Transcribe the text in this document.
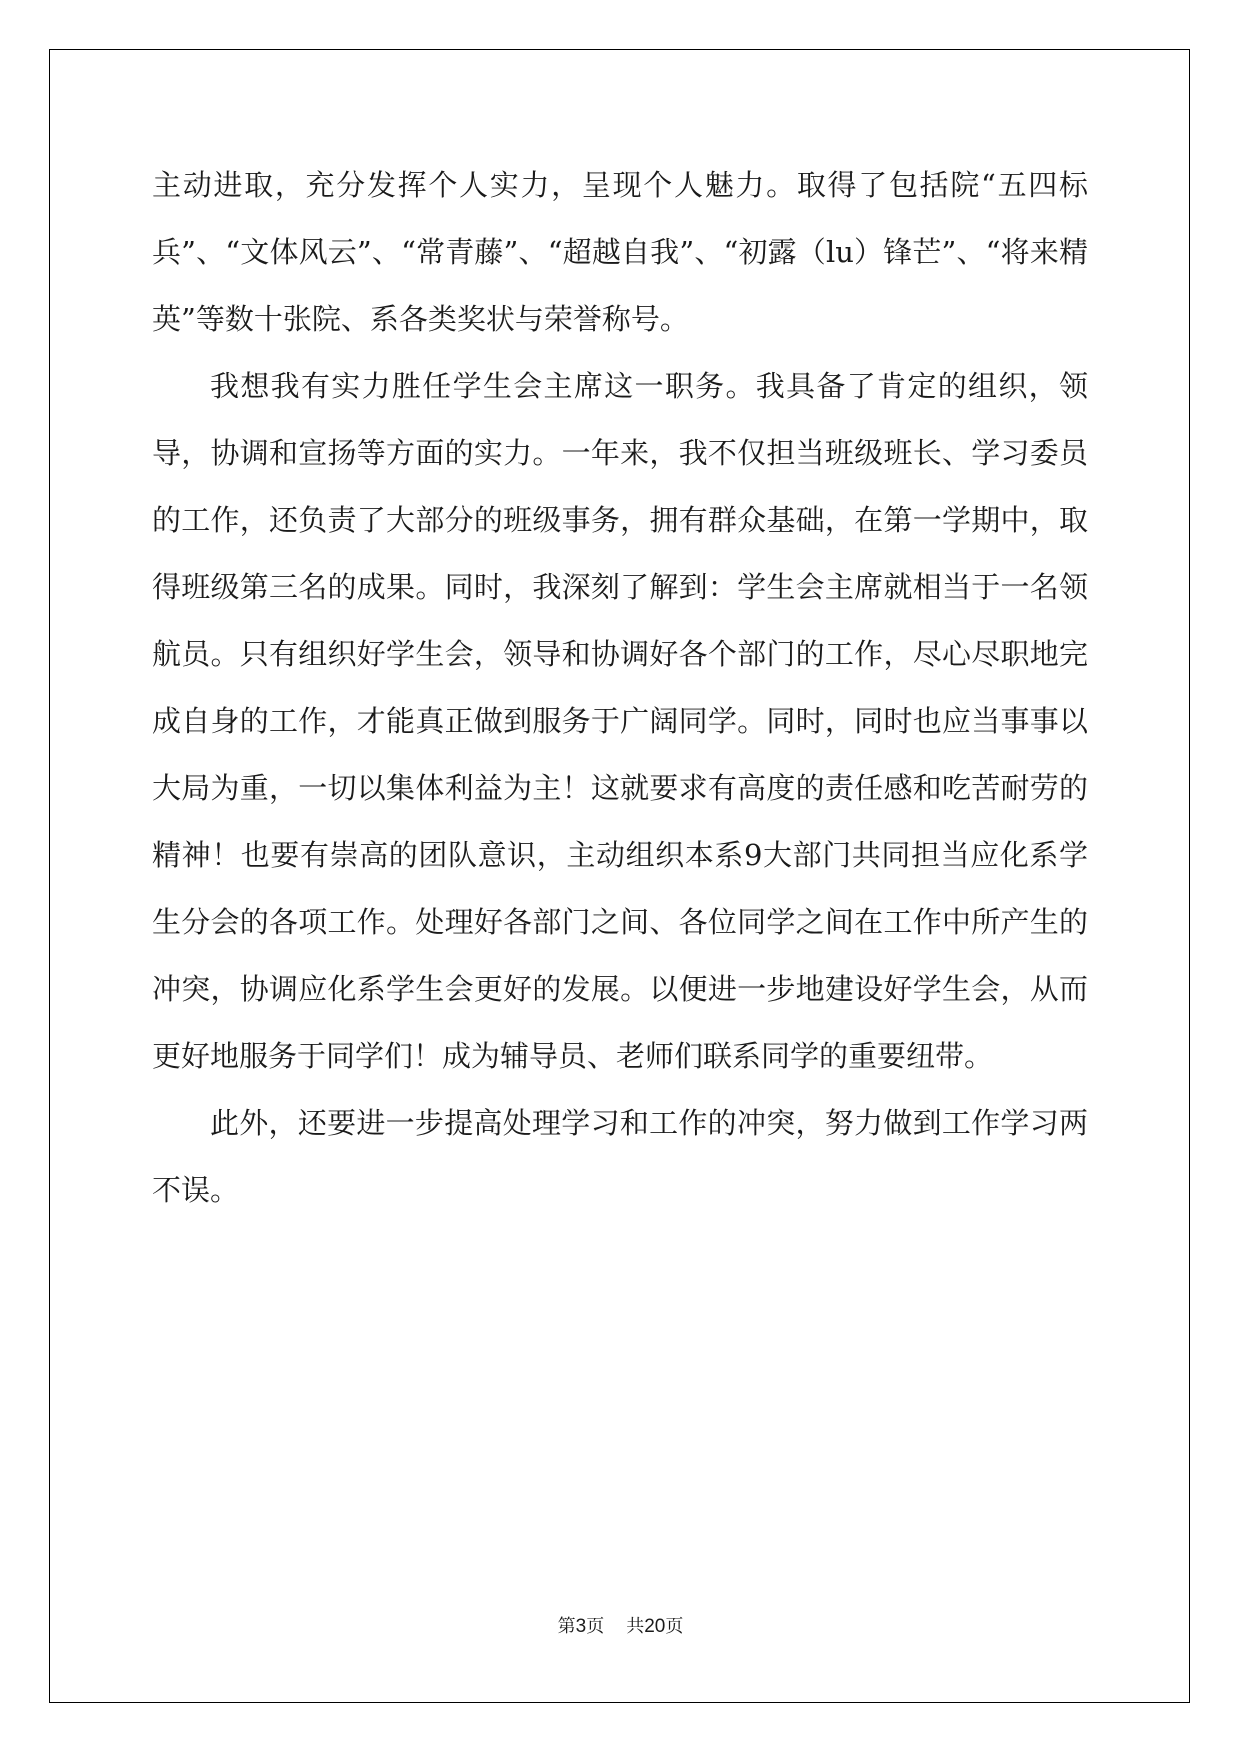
主动进取，充分发挥个人实力，呈现个人魅力。取得了包括院“五四标兵”、“文体风云”、“常青藤”、“超越自我”、“初露（lu）锋芒”、“将来精英”等数十张院、系各类奖状与荣誉称号。

我想我有实力胜任学生会主席这一职务。我具备了肯定的组织，领导，协调和宣扬等方面的实力。一年来，我不仅担当班级班长、学习委员的工作，还负责了大部分的班级事务，拥有群众基础，在第一学期中，取得班级第三名的成果。同时，我深刻了解到：学生会主席就相当于一名领航员。只有组织好学生会，领导和协调好各个部门的工作，尽心尽职地完成自身的工作，才能真正做到服务于广阔同学。同时，同时也应当事事以大局为重，一切以集体利益为主！这就要求有高度的责任感和吃苦耐劳的精神！也要有崇高的团队意识，主动组织本系9大部门共同担当应化系学生分会的各项工作。处理好各部门之间、各位同学之间在工作中所产生的冲突，协调应化系学生会更好的发展。以便进一步地建设好学生会，从而更好地服务于同学们！成为辅导员、老师们联系同学的重要纽带。

此外，还要进一步提高处理学习和工作的冲突，努力做到工作学习两不误。

第3页 共20页
